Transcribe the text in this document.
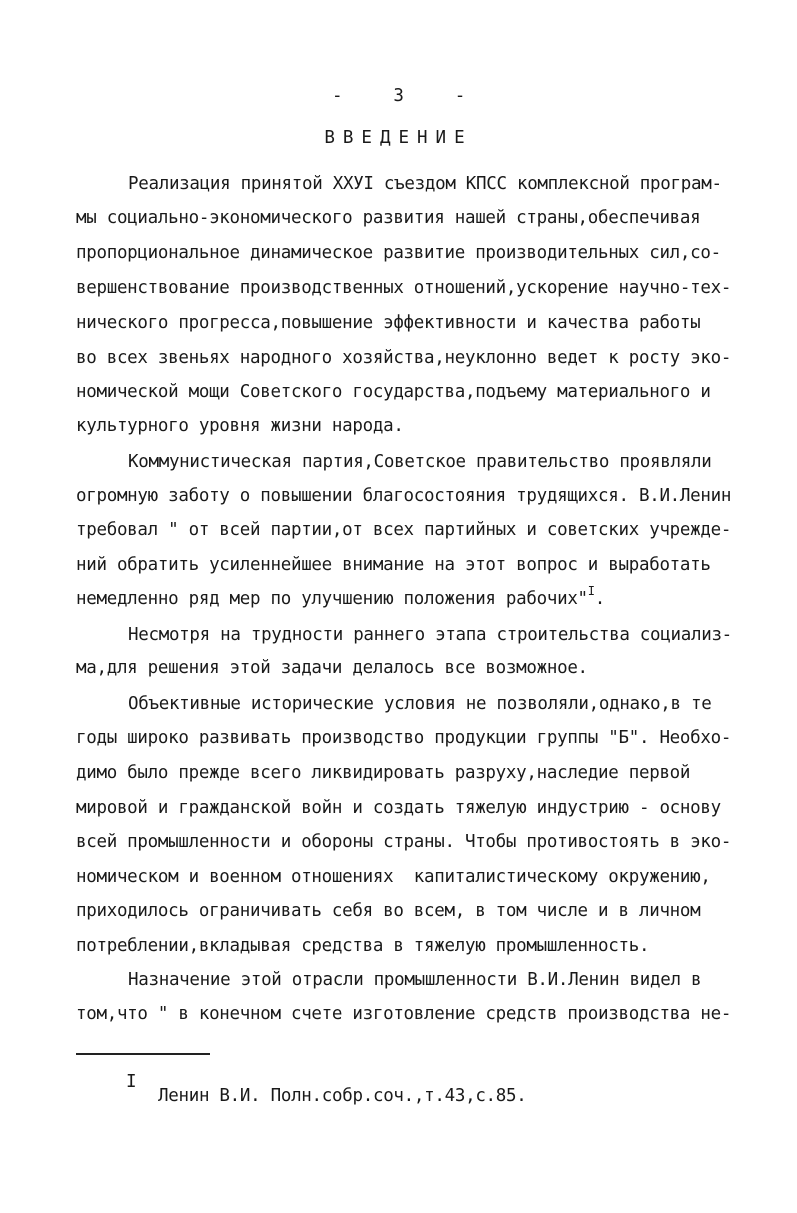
-     3     -
ВВЕДЕНИЕ
Реализация принятой ХХУI съездом КПСС комплексной програм-
мы социально-экономического развития нашей страны,обеспечивая
пропорциональное динамическое развитие производительных сил,со-
вершенствование производственных отношений,ускорение научно-тех-
нического прогресса,повышение эффективности и качества работы
во всех звеньях народного хозяйства,неуклонно ведет к росту эко-
номической мощи Советского государства,подъему материального и
культурного уровня жизни народа.
Коммунистическая партия,Советское правительство проявляли
огромную заботу о повышении благосостояния трудящихся. В.И.Ленин
требовал " от всей партии,от всех партийных и советских учрежде-
ний обратить усиленнейшее внимание на этот вопрос и выработать
немедленно ряд мер по улучшению положения рабочих"$^I$.
Несмотря на трудности раннего этапа строительства социализ-
ма,для решения этой задачи делалось все возможное.
Объективные исторические условия не позволяли,однако,в те
годы широко развивать производство продукции группы "Б". Необхо-
димо было прежде всего ликвидировать разруху,наследие первой
мировой и гражданской войн и создать тяжелую индустрию - основу
всей промышленности и обороны страны. Чтобы противостоять в эко-
номическом и военном отношениях  капиталистическому окружению,
приходилось ограничивать себя во всем, в том числе и в личном
потреблении,вкладывая средства в тяжелую промышленность.
Назначение этой отрасли промышленности В.И.Ленин видел в
том,что " в конечном счете изготовление средств производства не-
I
Ленин В.И. Полн.собр.соч.,т.43,с.85.
